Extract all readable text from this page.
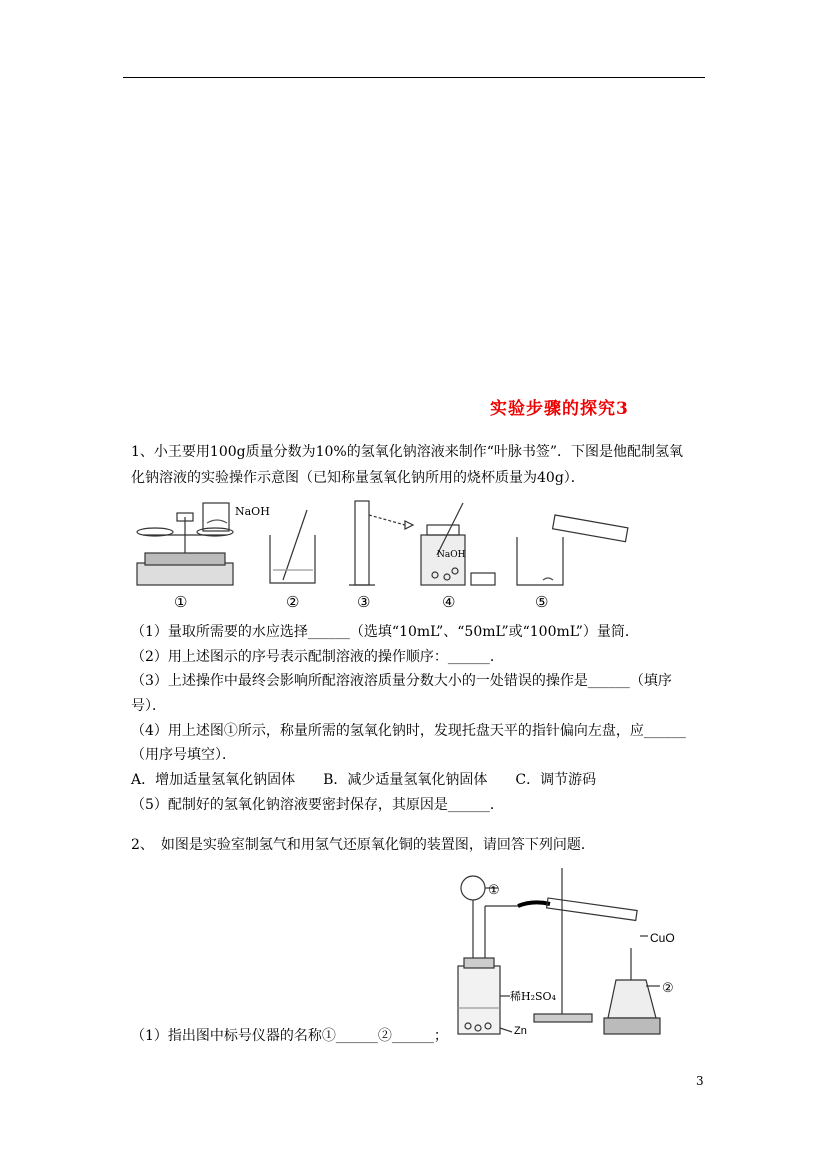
实验步骤的探究3
1、小王要用100g质量分数为10%的氢氧化钠溶液来制作“叶脉书签”．下图是他配制氢氧
化钠溶液的实验操作示意图（已知称量氢氧化钠所用的烧杯质量为40g）．
NaOH
NaOH
①	②	③	④	⑤
（1）量取所需要的水应选择______（选填“10mL”、“50mL”或“100mL”）量筒．
（2）用上述图示的序号表示配制溶液的操作顺序：______．
（3）上述操作中最终会影响所配溶液溶质量分数大小的一处错误的操作是______（填序
号）．
（4）用上述图①所示，称量所需的氢氧化钠时，发现托盘天平的指针偏向左盘，应______
（用序号填空）．
A．增加适量氢氧化钠固体　　B．减少适量氢氧化钠固体　　C．调节游码
（5）配制好的氢氧化钠溶液要密封保存，其原因是______．
2、　如图是实验室制氢气和用氢气还原氧化铜的装置图，请回答下列问题．
①
CuO
②
稀H₂SO₄
Zn
（1）指出图中标号仪器的名称①______②______；
3
